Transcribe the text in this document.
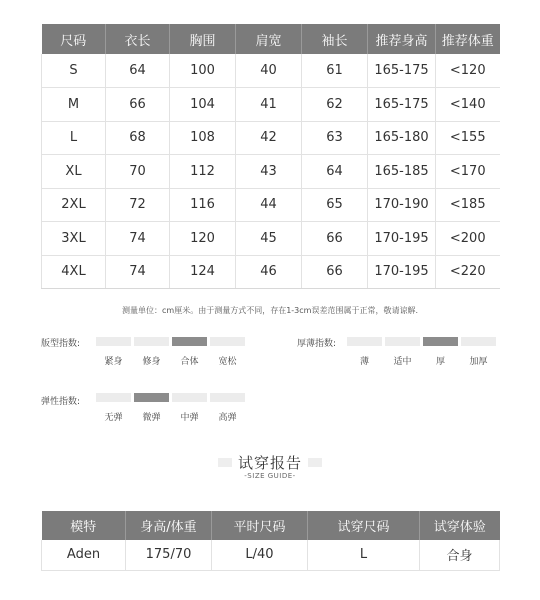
尺码	衣长	胸围	肩宽	袖长	推荐身高	推荐体重
S	64	100	40	61	165-175	<120
M	66	104	41	62	165-175	<140
L	68	108	42	63	165-180	<155
XL	70	112	43	64	165-185	<170
2XL	72	116	44	65	170-190	<185
3XL	74	120	45	66	170-195	<200
4XL	74	124	46	66	170-195	<220
测量单位：cm厘米。由于测量方式不同，存在1-3cm误差范围属于正常，敬请谅解.
版型指数:
紧身 修身 合体 宽松
厚薄指数:
薄	适中	厚	加厚
弹性指数:
无弹 微弹 中弹 高弹
试穿报告
-SIZE GUIDE-
模特	身高/体重	平时尺码	试穿尺码	试穿体验
Aden	175/70	L/40	L	合身
